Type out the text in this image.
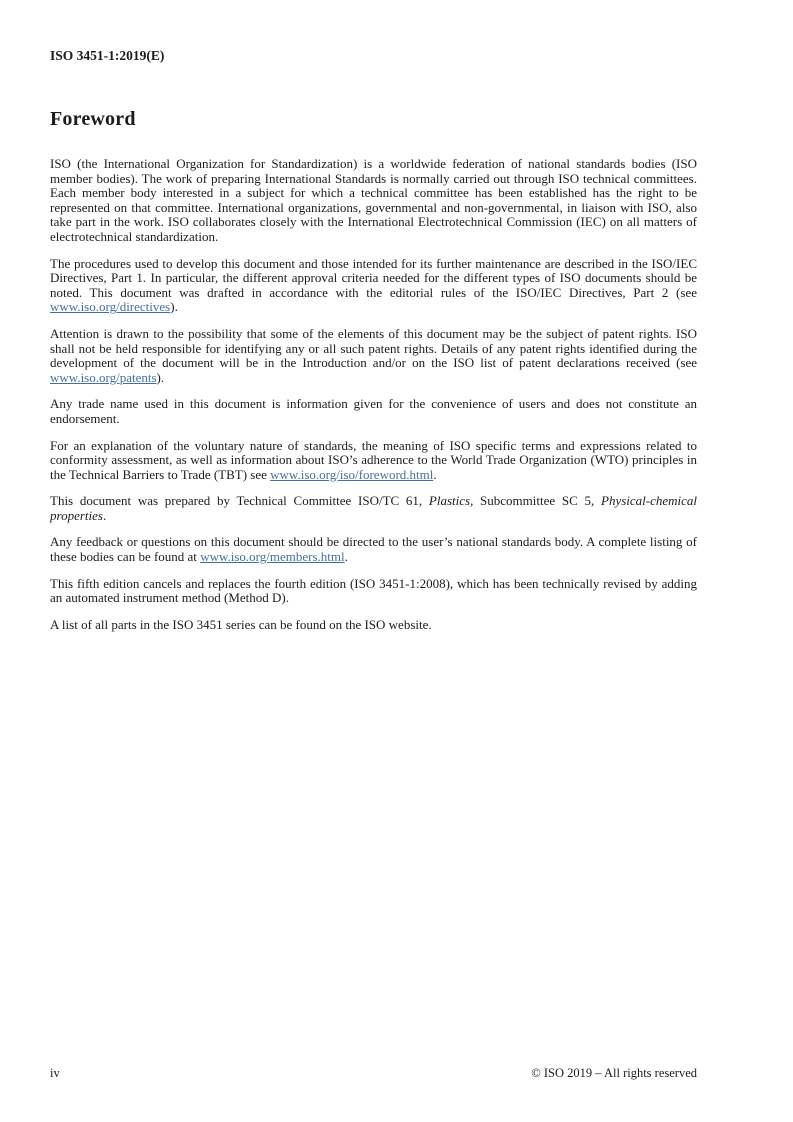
ISO 3451-1:2019(E)
Foreword

ISO (the International Organization for Standardization) is a worldwide federation of national standards bodies (ISO member bodies). The work of preparing International Standards is normally carried out through ISO technical committees. Each member body interested in a subject for which a technical committee has been established has the right to be represented on that committee. International organizations, governmental and non-governmental, in liaison with ISO, also take part in the work. ISO collaborates closely with the International Electrotechnical Commission (IEC) on all matters of electrotechnical standardization.

The procedures used to develop this document and those intended for its further maintenance are described in the ISO/IEC Directives, Part 1. In particular, the different approval criteria needed for the different types of ISO documents should be noted. This document was drafted in accordance with the editorial rules of the ISO/IEC Directives, Part 2 (see www.iso.org/directives).

Attention is drawn to the possibility that some of the elements of this document may be the subject of patent rights. ISO shall not be held responsible for identifying any or all such patent rights. Details of any patent rights identified during the development of the document will be in the Introduction and/or on the ISO list of patent declarations received (see www.iso.org/patents).

Any trade name used in this document is information given for the convenience of users and does not constitute an endorsement.

For an explanation of the voluntary nature of standards, the meaning of ISO specific terms and expressions related to conformity assessment, as well as information about ISO’s adherence to the World Trade Organization (WTO) principles in the Technical Barriers to Trade (TBT) see www.iso.org/iso/foreword.html.

This document was prepared by Technical Committee ISO/TC 61, Plastics, Subcommittee SC 5, Physical-chemical properties.

Any feedback or questions on this document should be directed to the user’s national standards body. A complete listing of these bodies can be found at www.iso.org/members.html.

This fifth edition cancels and replaces the fourth edition (ISO 3451-1:2008), which has been technically revised by adding an automated instrument method (Method D).

A list of all parts in the ISO 3451 series can be found on the ISO website.

iv	© ISO 2019 – All rights reserved
